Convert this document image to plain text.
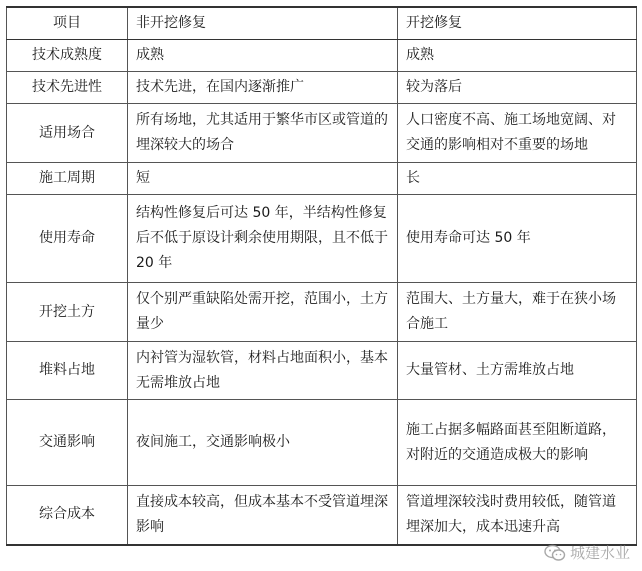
项目	非开挖修复	开挖修复
技术成熟度	成熟	成熟
技术先进性	技术先进，在国内逐渐推广	较为落后
适用场合	所有场地，尤其适用于繁华市区或管道的埋深较大的场合	人口密度不高、施工场地宽阔、对交通的影响相对不重要的场地
施工周期	短	长
使用寿命	结构性修复后可达 50 年，半结构性修复后不低于原设计剩余使用期限，且不低于 20 年	使用寿命可达 50 年
开挖土方	仅个别严重缺陷处需开挖，范围小，土方量少	范围大、土方量大，难于在狭小场合施工
堆料占地	内衬管为湿软管，材料占地面积小，基本无需堆放占地	大量管材、土方需堆放占地
交通影响	夜间施工，交通影响极小	施工占据多幅路面甚至阻断道路，对附近的交通造成极大的影响
综合成本	直接成本较高，但成本基本不受管道埋深影响	管道埋深较浅时费用较低，随管道埋深加大，成本迅速升高
城建水业
